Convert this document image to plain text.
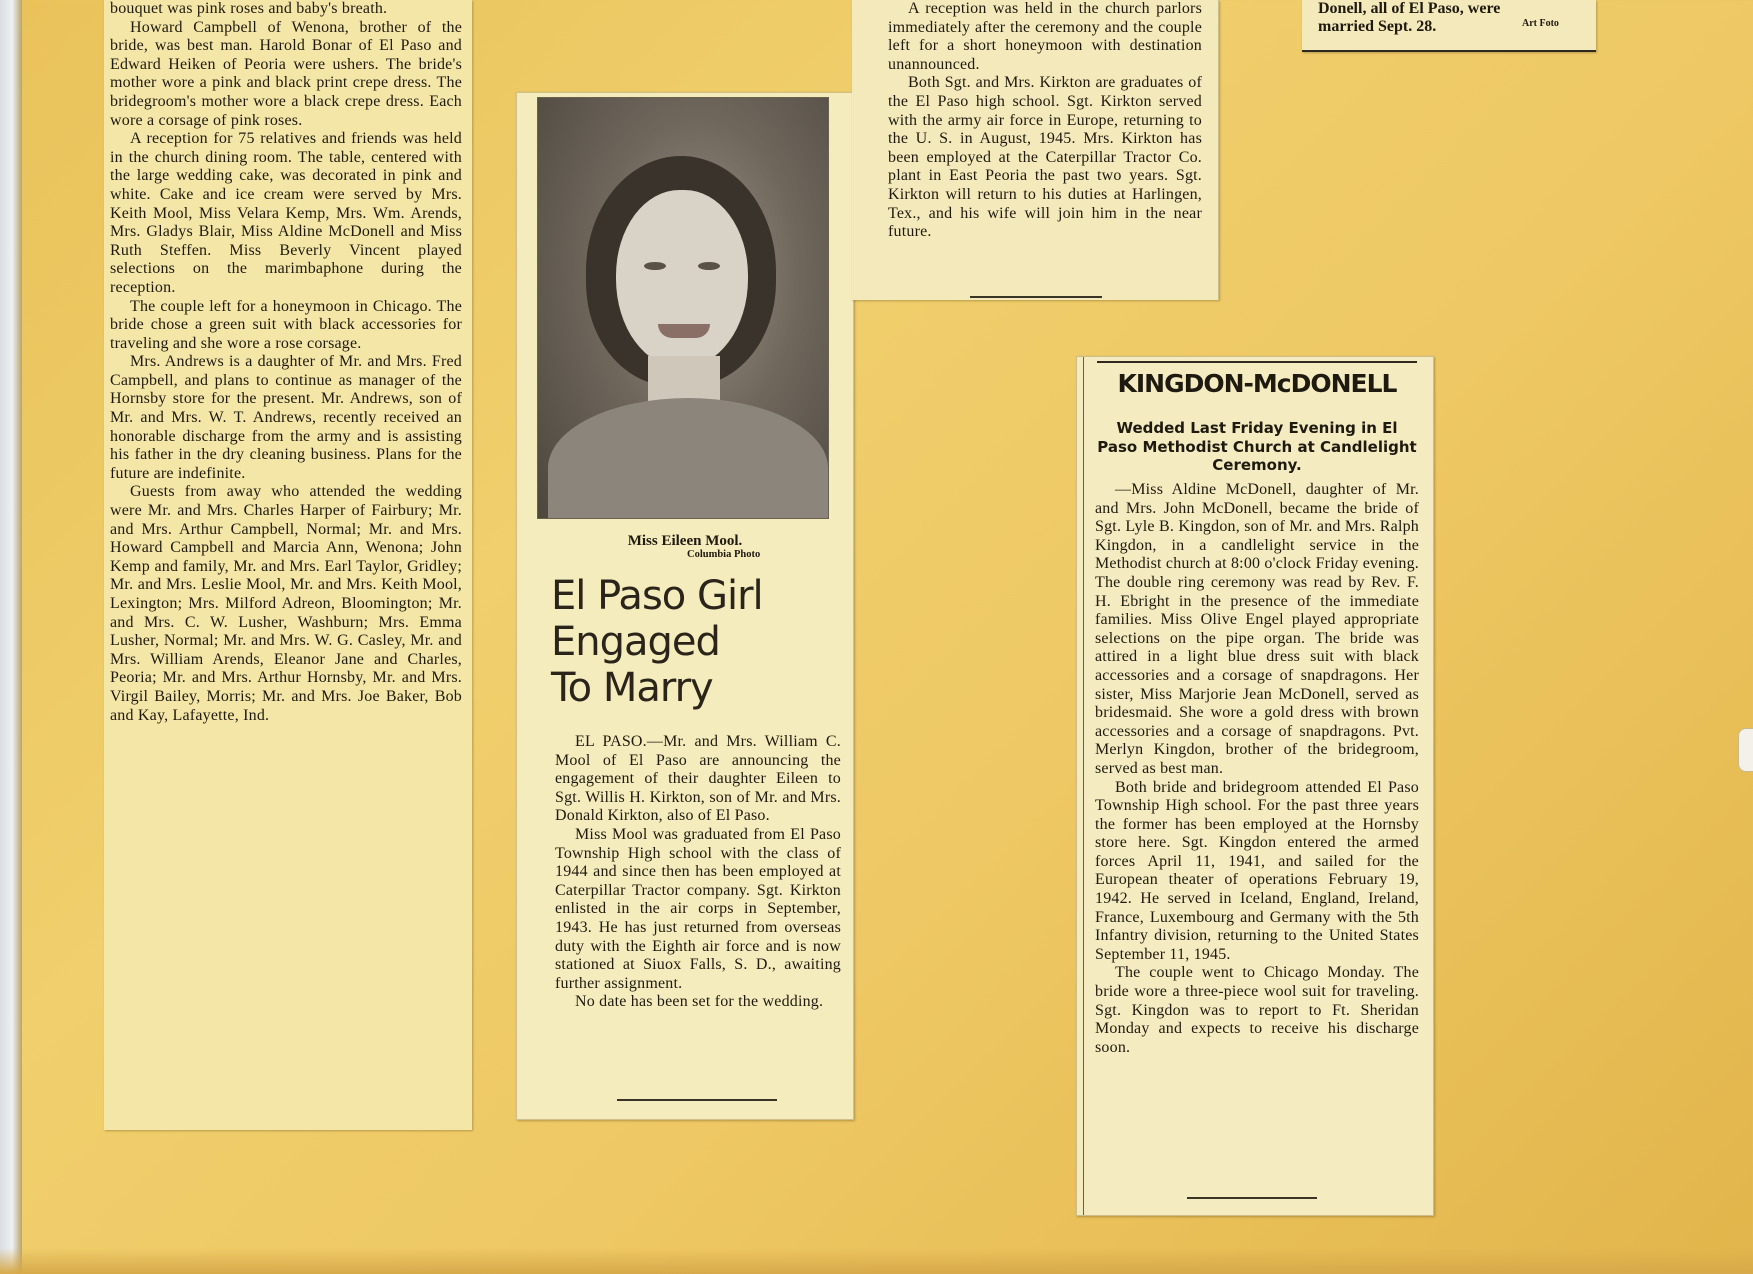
bouquet was pink roses and baby's breath.

Howard Campbell of Wenona, brother of the bride, was best man. Harold Bonar of El Paso and Edward Heiken of Peoria were ushers. The bride's mother wore a pink and black print crepe dress. The bridegroom's mother wore a black crepe dress. Each wore a corsage of pink roses.

A reception for 75 relatives and friends was held in the church dining room. The table, centered with the large wedding cake, was decorated in pink and white. Cake and ice cream were served by Mrs. Keith Mool, Miss Velara Kemp, Mrs. Wm. Arends, Mrs. Gladys Blair, Miss Aldine McDonell and Miss Ruth Steffen. Miss Beverly Vincent played selections on the marimbaphone during the reception.

The couple left for a honeymoon in Chicago. The bride chose a green suit with black accessories for traveling and she wore a rose corsage.

Mrs. Andrews is a daughter of Mr. and Mrs. Fred Campbell, and plans to continue as manager of the Hornsby store for the present. Mr. Andrews, son of Mr. and Mrs. W. T. Andrews, recently received an honorable discharge from the army and is assisting his father in the dry cleaning business. Plans for the future are indefinite.

Guests from away who attended the wedding were Mr. and Mrs. Charles Harper of Fairbury; Mr. and Mrs. Arthur Campbell, Normal; Mr. and Mrs. Howard Campbell and Marcia Ann, Wenona; John Kemp and family, Mr. and Mrs. Earl Taylor, Gridley; Mr. and Mrs. Leslie Mool, Mr. and Mrs. Keith Mool, Lexington; Mrs. Milford Adreon, Bloomington; Mr. and Mrs. C. W. Lusher, Washburn; Mrs. Emma Lusher, Normal; Mr. and Mrs. W. G. Casley, Mr. and Mrs. William Arends, Eleanor Jane and Charles, Peoria; Mr. and Mrs. Arthur Hornsby, Mr. and Mrs. Virgil Bailey, Morris; Mr. and Mrs. Joe Baker, Bob and Kay, Lafayette, Ind.

Miss Eileen Mool.
Columbia Photo
El Paso Girl
Engaged
To Marry

EL PASO.—Mr. and Mrs. William C. Mool of El Paso are announcing the engagement of their daughter Eileen to Sgt. Willis H. Kirkton, son of Mr. and Mrs. Donald Kirkton, also of El Paso.

Miss Mool was graduated from El Paso Township High school with the class of 1944 and since then has been employed at Caterpillar Tractor company. Sgt. Kirkton enlisted in the air corps in September, 1943. He has just returned from overseas duty with the Eighth air force and is now stationed at Siuox Falls, S. D., awaiting further assignment.

No date has been set for the wedding.

A reception was held in the church parlors immediately after the ceremony and the couple left for a short honeymoon with destination unannounced.

Both Sgt. and Mrs. Kirkton are graduates of the El Paso high school. Sgt. Kirkton served with the army air force in Europe, returning to the U. S. in August, 1945. Mrs. Kirkton has been employed at the Caterpillar Tractor Co. plant in East Peoria the past two years. Sgt. Kirkton will return to his duties at Harlingen, Tex., and his wife will join him in the near future.

Donell, all of El Paso, were
married Sept. 28.	Art Foto
KINGDON-McDONELL
Wedded Last Friday Evening in El Paso Methodist Church at Candlelight Ceremony.

—Miss Aldine McDonell, daughter of Mr. and Mrs. John McDonell, became the bride of Sgt. Lyle B. Kingdon, son of Mr. and Mrs. Ralph Kingdon, in a candlelight service in the Methodist church at 8:00 o'clock Friday evening. The double ring ceremony was read by Rev. F. H. Ebright in the presence of the immediate families. Miss Olive Engel played appropriate selections on the pipe organ. The bride was attired in a light blue dress suit with black accessories and a corsage of snapdragons. Her sister, Miss Marjorie Jean McDonell, served as bridesmaid. She wore a gold dress with brown accessories and a corsage of snapdragons. Pvt. Merlyn Kingdon, brother of the bridegroom, served as best man.

Both bride and bridegroom attended El Paso Township High school. For the past three years the former has been employed at the Hornsby store here. Sgt. Kingdon entered the armed forces April 11, 1941, and sailed for the European theater of operations February 19, 1942. He served in Iceland, England, Ireland, France, Luxembourg and Germany with the 5th Infantry division, returning to the United States September 11, 1945.

The couple went to Chicago Monday. The bride wore a three-piece wool suit for traveling. Sgt. Kingdon was to report to Ft. Sheridan Monday and expects to receive his discharge soon.
